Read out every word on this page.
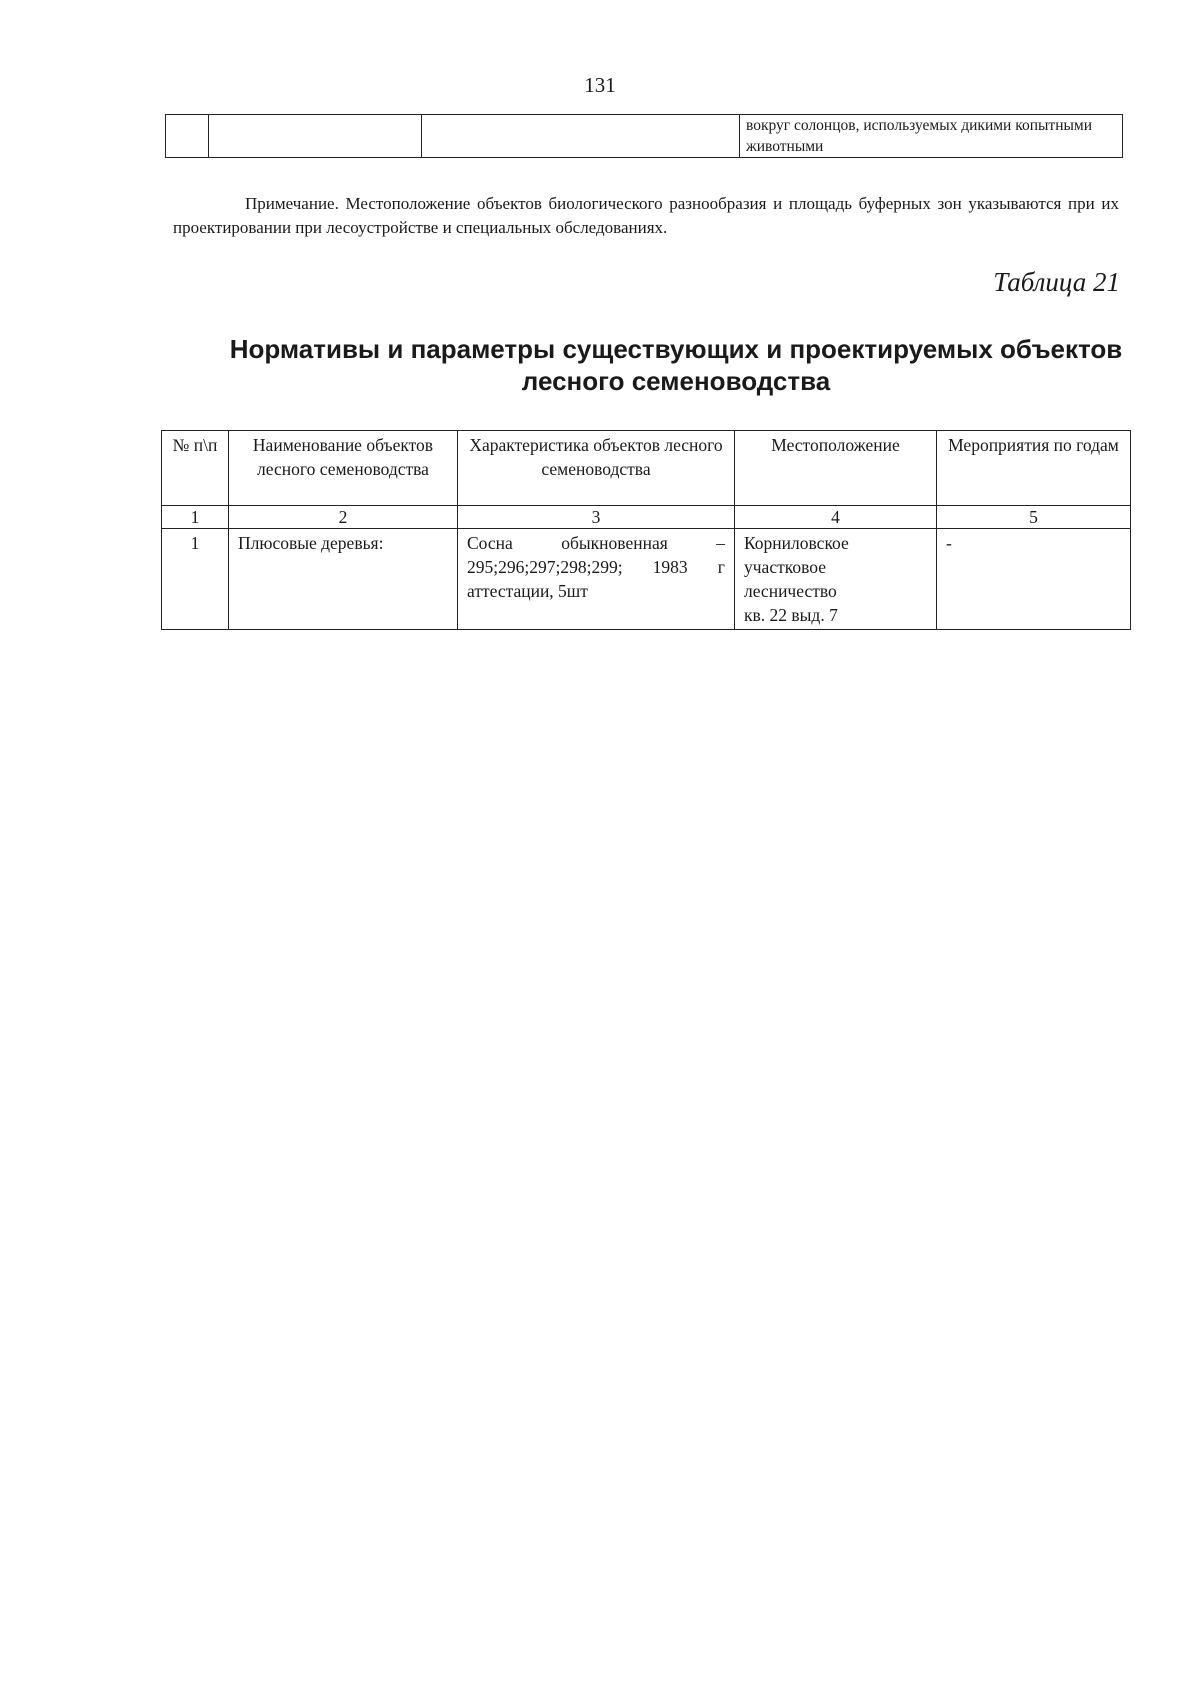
131
			вокруг солонцов, используемых дикими копытными животными

Примечание. Местоположение объектов биологического разнообразия и площадь буферных зон указываются при их проектировании при лесоустройстве и специальных обследованиях.

Таблица 21
Нормативы и параметры существующих и проектируемых объектов
лесного семеноводства
№ п\п	Наименование объектов лесного семеноводства	Характеристика объектов лесного семеноводства	Местоположение	Мероприятия по годам
1	2	3	4	5
1	Плюсовые деревья:	Сосна обыкновенная – 295;296;297;298;299; 1983 г аттестации, 5шт	Корниловское
участковое
лесничество
кв. 22 выд. 7	-
